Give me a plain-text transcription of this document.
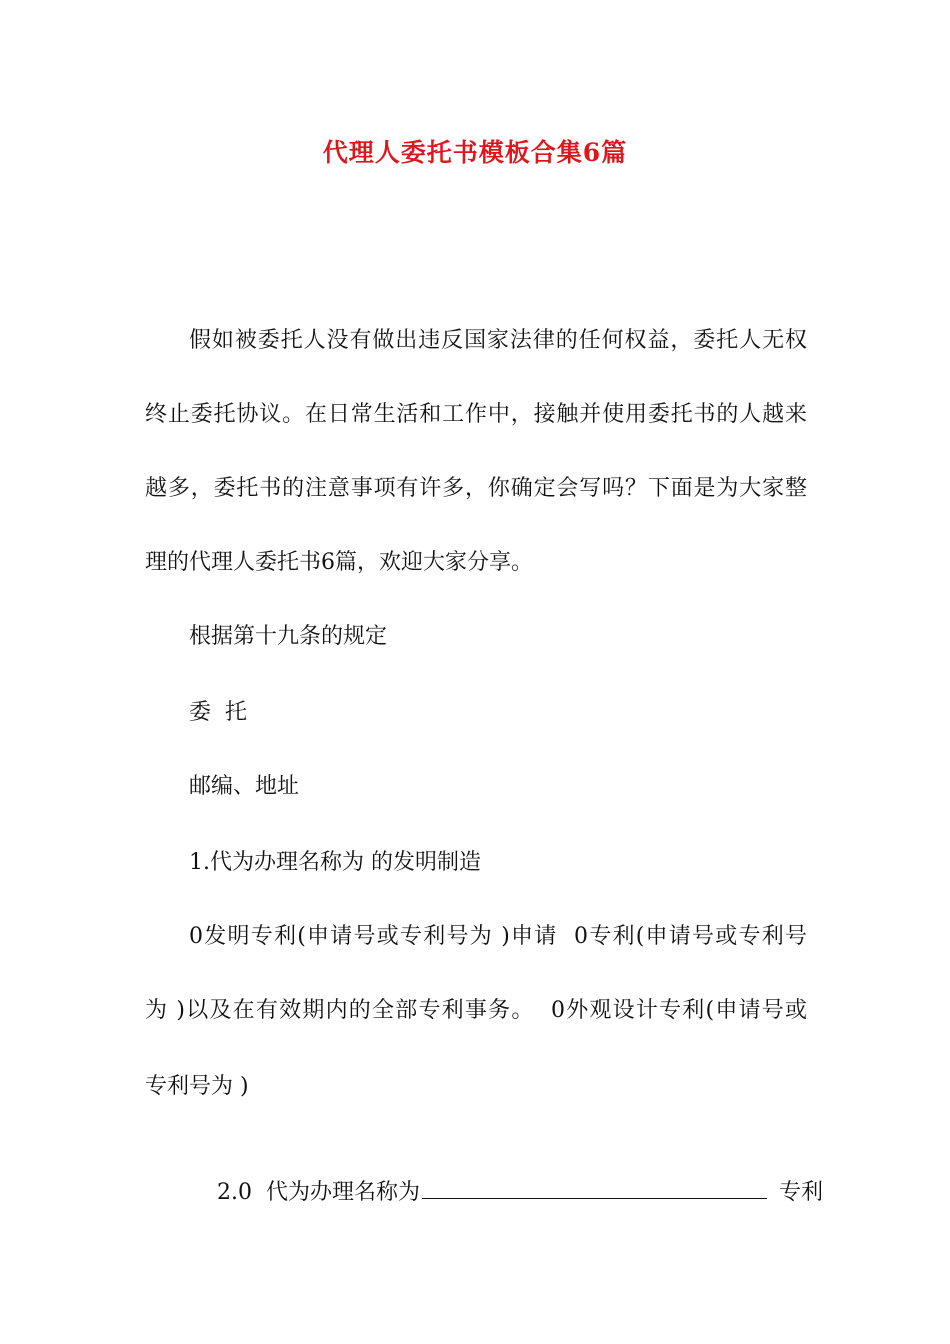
代理人委托书模板合集6篇
假如被委托人没有做出违反国家法律的任何权益，委托人无权
终止委托协议。在日常生活和工作中，接触并使用委托书的人越来
越多，委托书的注意事项有许多，你确定会写吗？下面是为大家整
理的代理人委托书6篇，欢迎大家分享。
根据第十九条的规定
委  托
邮编、地址
1.代为办理名称为 的发明制造
0发明专利(申请号或专利号为 )申请  0专利(申请号或专利号
为 )以及在有效期内的全部专利事务。  0外观设计专利(申请号或
专利号为 )

2.0  代为办理名称为	专利
